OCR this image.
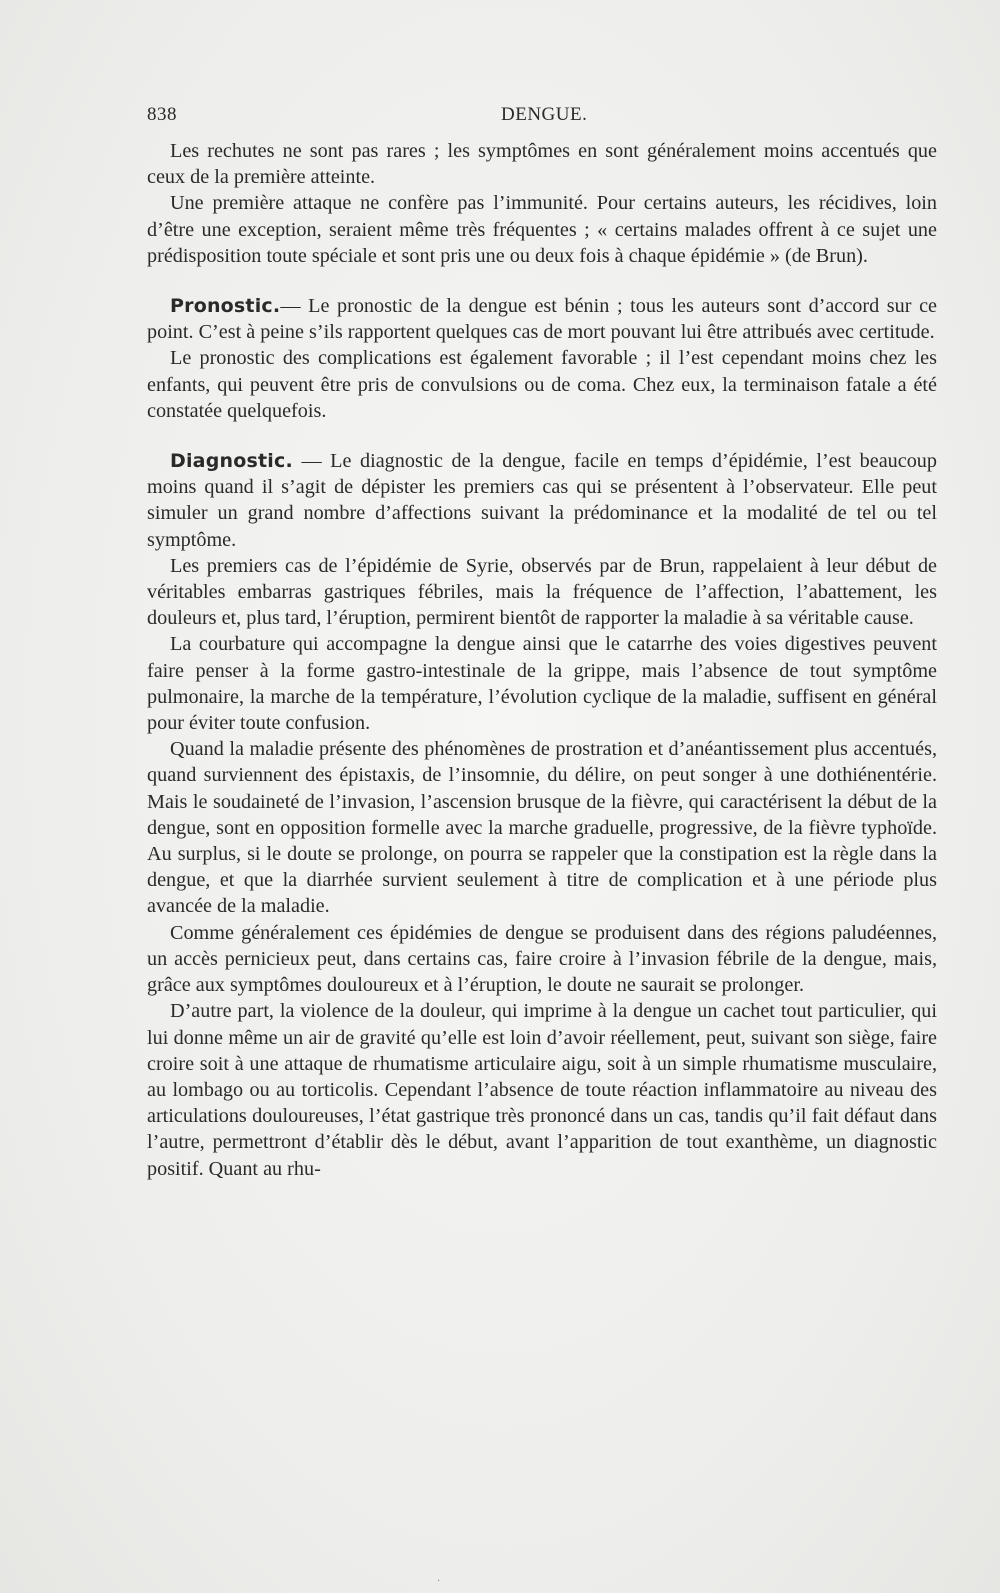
838	DENGUE.

Les rechutes ne sont pas rares ; les symptômes en sont généralement moins accentués que ceux de la première atteinte.

Une première attaque ne confère pas l’immunité. Pour certains auteurs, les récidives, loin d’être une exception, seraient même très fréquentes ; « certains malades offrent à ce sujet une prédisposition toute spéciale et sont pris une ou deux fois à chaque épidémie » (de Brun).

Pronostic.— Le pronostic de la dengue est bénin ; tous les auteurs sont d’accord sur ce point. C’est à peine s’ils rapportent quelques cas de mort pouvant lui être attribués avec certitude.

Le pronostic des complications est également favorable ; il l’est cependant moins chez les enfants, qui peuvent être pris de convulsions ou de coma. Chez eux, la terminaison fatale a été constatée quelquefois.

Diagnostic. — Le diagnostic de la dengue, facile en temps d’épidémie, l’est beaucoup moins quand il s’agit de dépister les premiers cas qui se présentent à l’observateur. Elle peut simuler un grand nombre d’affections suivant la prédominance et la modalité de tel ou tel symptôme.

Les premiers cas de l’épidémie de Syrie, observés par de Brun, rappelaient à leur début de véritables embarras gastriques fébriles, mais la fréquence de l’affection, l’abattement, les douleurs et, plus tard, l’éruption, permirent bientôt de rapporter la maladie à sa véritable cause.

La courbature qui accompagne la dengue ainsi que le catarrhe des voies digestives peuvent faire penser à la forme gastro-intestinale de la grippe, mais l’absence de tout symptôme pulmonaire, la marche de la température, l’évolution cyclique de la maladie, suffisent en général pour éviter toute confusion.

Quand la maladie présente des phénomènes de prostration et d’anéantissement plus accentués, quand surviennent des épistaxis, de l’insomnie, du délire, on peut songer à une dothiénentérie. Mais le soudaineté de l’invasion, l’ascension brusque de la fièvre, qui caractérisent la début de la dengue, sont en opposition formelle avec la marche graduelle, progressive, de la fièvre typhoïde. Au surplus, si le doute se prolonge, on pourra se rappeler que la constipation est la règle dans la dengue, et que la diarrhée survient seulement à titre de complication et à une période plus avancée de la maladie.

Comme généralement ces épidémies de dengue se produisent dans des régions paludéennes, un accès pernicieux peut, dans certains cas, faire croire à l’invasion fébrile de la dengue, mais, grâce aux symptômes douloureux et à l’éruption, le doute ne saurait se prolonger.

D’autre part, la violence de la douleur, qui imprime à la dengue un cachet tout particulier, qui lui donne même un air de gravité qu’elle est loin d’avoir réellement, peut, suivant son siège, faire croire soit à une attaque de rhumatisme articulaire aigu, soit à un simple rhumatisme musculaire, au lombago ou au torticolis. Cependant l’absence de toute réaction inflammatoire au niveau des articulations douloureuses, l’état gastrique très prononcé dans un cas, tandis qu’il fait défaut dans l’autre, permettront d’établir dès le début, avant l’apparition de tout exanthème, un diagnostic positif. Quant au rhu-

·
